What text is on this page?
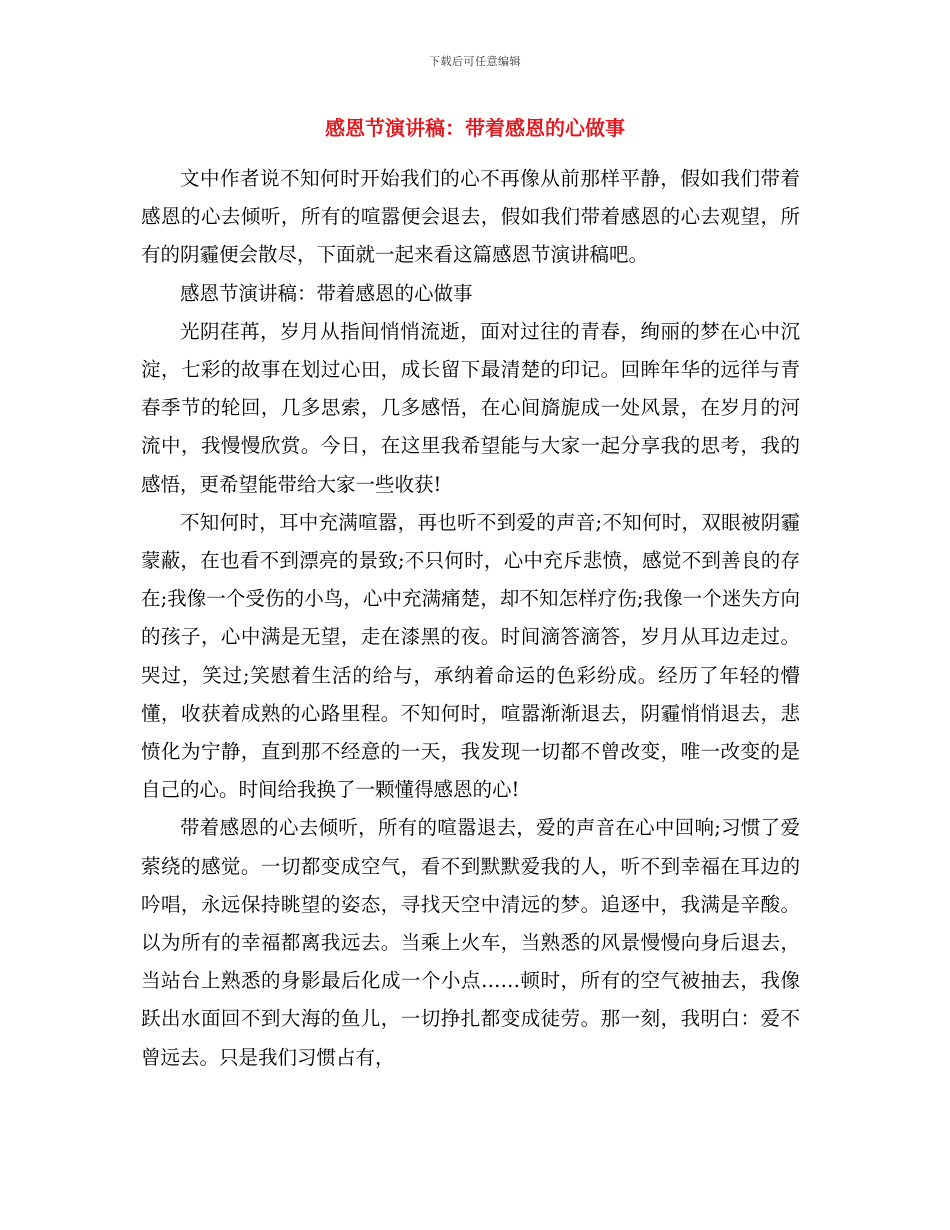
下载后可任意编辑
感恩节演讲稿：带着感恩的心做事

文中作者说不知何时开始我们的心不再像从前那样平静，假如我们带着感恩的心去倾听，所有的喧嚣便会退去，假如我们带着感恩的心去观望，所有的阴霾便会散尽，下面就一起来看这篇感恩节演讲稿吧。

感恩节演讲稿：带着感恩的心做事

光阴荏苒，岁月从指间悄悄流逝，面对过往的青春，绚丽的梦在心中沉淀，七彩的故事在划过心田，成长留下最清楚的印记。回眸年华的远徉与青春季节的轮回，几多思索，几多感悟，在心间旖旎成一处风景，在岁月的河流中，我慢慢欣赏。今日，在这里我希望能与大家一起分享我的思考，我的感悟，更希望能带给大家一些收获!

不知何时，耳中充满喧嚣，再也听不到爱的声音;不知何时，双眼被阴霾蒙蔽，在也看不到漂亮的景致;不只何时，心中充斥悲愤，感觉不到善良的存在;我像一个受伤的小鸟，心中充满痛楚，却不知怎样疗伤;我像一个迷失方向的孩子，心中满是无望，走在漆黑的夜。时间滴答滴答，岁月从耳边走过。哭过，笑过;笑慰着生活的给与，承纳着命运的色彩纷成。经历了年轻的懵懂，收获着成熟的心路里程。不知何时，喧嚣渐渐退去，阴霾悄悄退去，悲愤化为宁静，直到那不经意的一天，我发现一切都不曾改变，唯一改变的是自己的心。时间给我换了一颗懂得感恩的心!

带着感恩的心去倾听，所有的喧嚣退去，爱的声音在心中回响;习惯了爱萦绕的感觉。一切都变成空气，看不到默默爱我的人，听不到幸福在耳边的吟唱，永远保持眺望的姿态，寻找天空中清远的梦。追逐中，我满是辛酸。以为所有的幸福都离我远去。当乘上火车，当熟悉的风景慢慢向身后退去，当站台上熟悉的身影最后化成一个小点……顿时，所有的空气被抽去，我像跃出水面回不到大海的鱼儿，一切挣扎都变成徒劳。那一刻，我明白：爱不曾远去。只是我们习惯占有，
